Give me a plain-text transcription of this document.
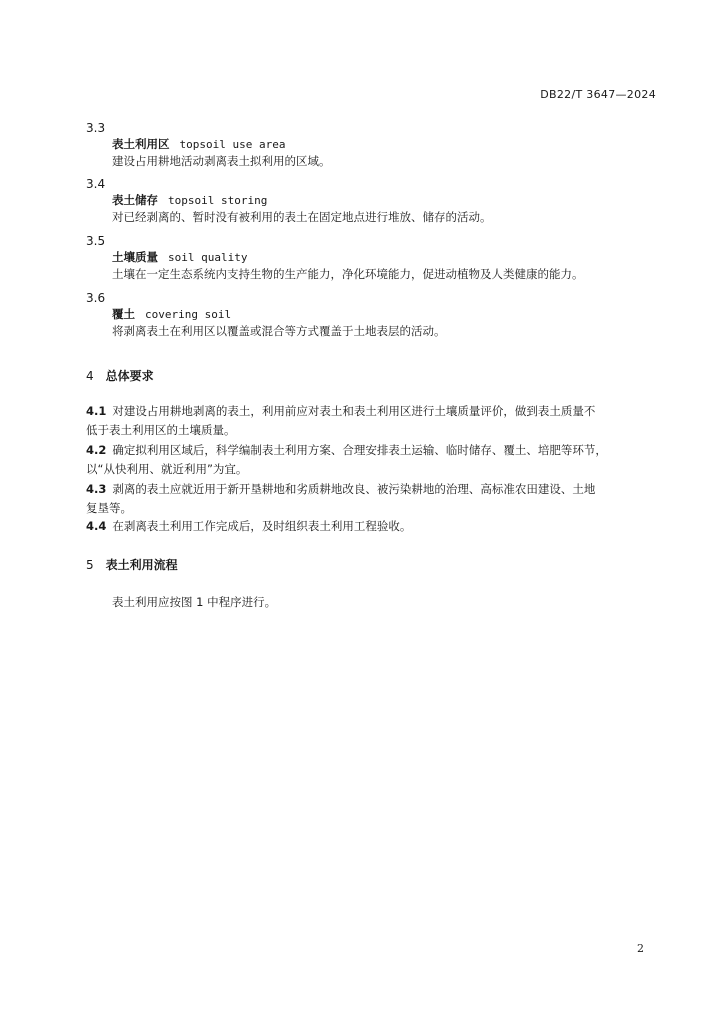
DB22/T 3647—2024
3.3
表土利用区 topsoil use area
建设占用耕地活动剥离表土拟利用的区域。
3.4
表土储存 topsoil storing
对已经剥离的、暂时没有被利用的表土在固定地点进行堆放、储存的活动。
3.5
土壤质量 soil quality
土壤在一定生态系统内支持生物的生产能力，净化环境能力，促进动植物及人类健康的能力。
3.6
覆土 covering soil
将剥离表土在利用区以覆盖或混合等方式覆盖于土地表层的活动。
4 总体要求

4.1 对建设占用耕地剥离的表土，利用前应对表土和表土利用区进行土壤质量评价，做到表土质量不

低于表土利用区的土壤质量。

4.2 确定拟利用区域后，科学编制表土利用方案、合理安排表土运输、临时储存、覆土、培肥等环节，

以“从快利用、就近利用”为宜。

4.3 剥离的表土应就近用于新开垦耕地和劣质耕地改良、被污染耕地的治理、高标准农田建设、土地

复垦等。

4.4 在剥离表土利用工作完成后，及时组织表土利用工程验收。

5 表土利用流程
表土利用应按图 1 中程序进行。
2
